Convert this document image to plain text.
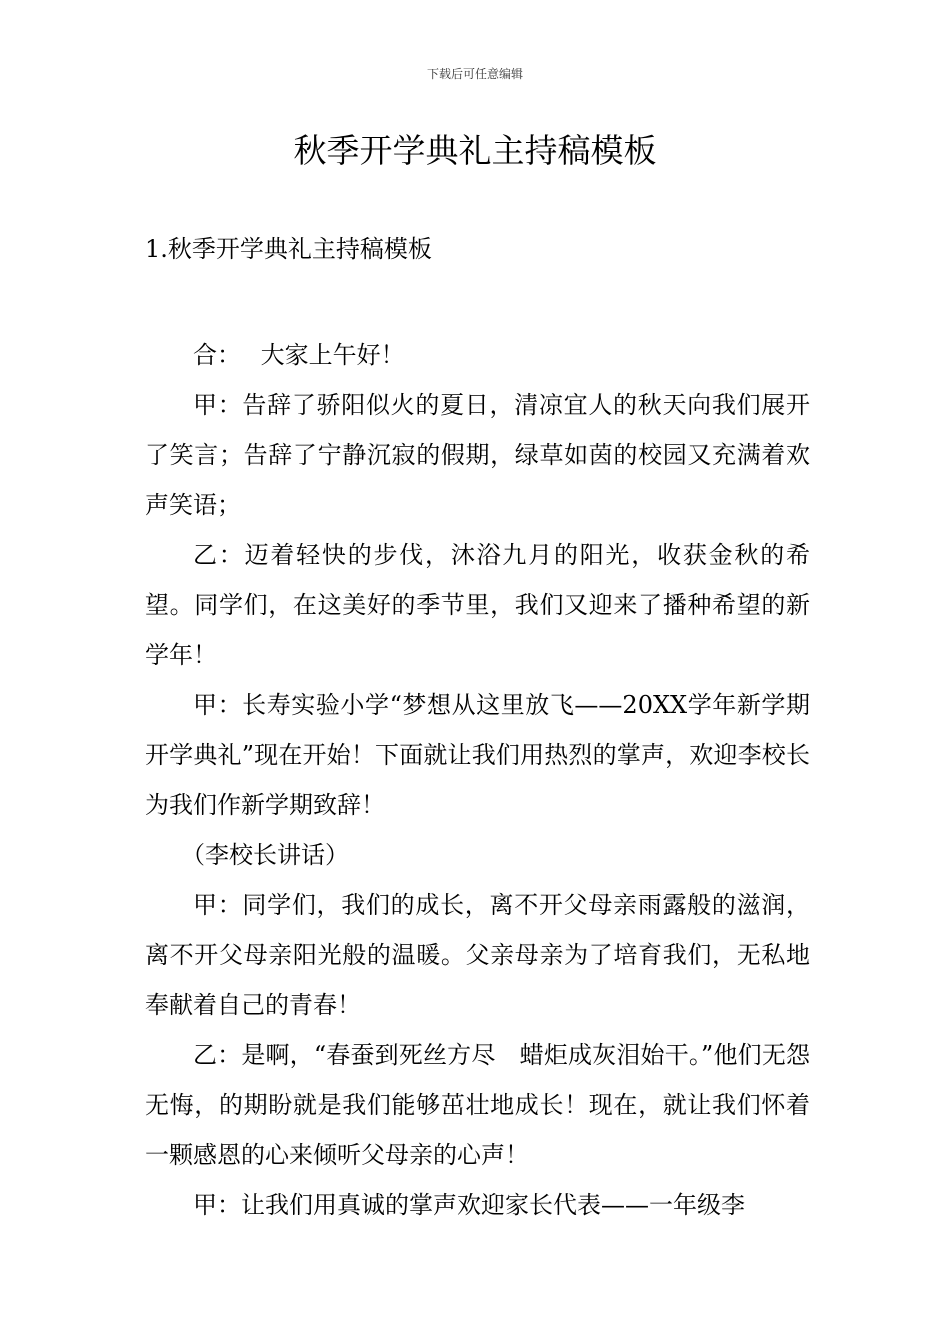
下载后可任意编辑
秋季开学典礼主持稿模板
1.秋季开学典礼主持稿模板

合：　 大家上午好！

甲：告辞了骄阳似火的夏日，清凉宜人的秋天向我们展开了笑言；告辞了宁静沉寂的假期，绿草如茵的校园又充满着欢声笑语；

乙：迈着轻快的步伐，沐浴九月的阳光，收获金秋的希望。同学们，在这美好的季节里，我们又迎来了播种希望的新学年！

甲：长寿实验小学“梦想从这里放飞——20XX学年新学期开学典礼”现在开始！下面就让我们用热烈的掌声，欢迎李校长为我们作新学期致辞！

（李校长讲话）

甲：同学们，我们的成长，离不开父母亲雨露般的滋润，离不开父母亲阳光般的温暖。父亲母亲为了培育我们，无私地奉献着自己的青春！

乙：是啊，“春蚕到死丝方尽　蜡炬成灰泪始干。”他们无怨无悔，的期盼就是我们能够茁壮地成长！现在，就让我们怀着一颗感恩的心来倾听父母亲的心声！

甲：让我们用真诚的掌声欢迎家长代表——一年级李
